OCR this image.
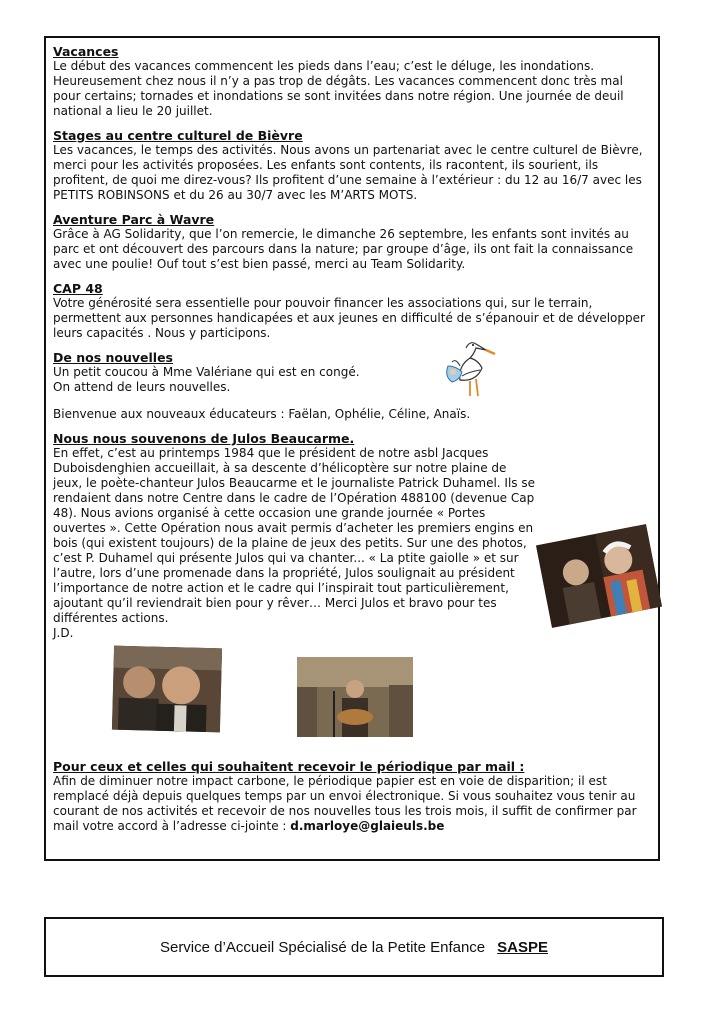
Vacances

Le début des vacances commencent les pieds dans l’eau; c’est le déluge, les inondations. Heureusement chez nous il n’y a pas trop de dégâts. Les vacances commencent donc très mal pour certains; tornades et inondations se sont invitées dans notre région. Une journée de deuil national a lieu le 20 juillet.

Stages au centre culturel de Bièvre

Les vacances, le temps des activités. Nous avons un partenariat avec le centre culturel de Bièvre, merci pour les activités proposées. Les enfants sont contents, ils racontent, ils sourient, ils profitent, de quoi me direz-vous? Ils profitent d’une semaine à l’extérieur : du 12 au 16/7 avec les PETITS ROBINSONS et du 26 au 30/7 avec les M’ARTS MOTS.

Aventure Parc à Wavre

Grâce à AG Solidarity, que l’on remercie, le dimanche 26 septembre, les enfants sont invités au parc et ont découvert des parcours dans la nature; par groupe d’âge, ils ont fait la connaissance avec une poulie! Ouf tout s’est bien passé, merci au Team Solidarity.

CAP 48

Votre générosité sera essentielle pour pouvoir financer les associations qui, sur le terrain, permettent aux personnes handicapées et aux jeunes en difficulté de s’épanouir et de développer leurs capacités . Nous y participons.

De nos nouvelles

Un petit coucou à Mme Valériane qui est en congé.

On attend de leurs nouvelles.

Bienvenue aux nouveaux éducateurs : Faëlan, Ophélie, Céline, Anaïs.

Nous nous souvenons de Julos Beaucarme.

En effet, c’est au printemps 1984 que le président de notre asbl Jacques Duboisdenghien accueillait, à sa descente d’hélicoptère sur notre plaine de jeux, le poète-chanteur Julos Beaucarme et le journaliste Patrick Duhamel. Ils se rendaient dans notre Centre dans le cadre de l’Opération 488100 (devenue Cap 48). Nous avions organisé à cette occasion une grande journée « Portes ouvertes ». Cette Opération nous avait permis d’acheter les premiers engins en bois (qui existent toujours) de la plaine de jeux des petits. Sur une des photos, c’est P. Duhamel qui présente Julos qui va chanter... « La ptite gaiolle » et sur l’autre, lors d’une promenade dans la propriété, Julos soulignait au président l’importance de notre action et le cadre qui l’inspirait tout particulièrement, ajoutant qu’il reviendrait bien pour y rêver… Merci Julos et bravo pour tes différentes actions.

J.D.

Pour ceux et celles qui souhaitent recevoir le périodique par mail :

Afin de diminuer notre impact carbone, le périodique papier est en voie de disparition; il est remplacé déjà depuis quelques temps par un envoi électronique. Si vous souhaitez vous tenir au courant de nos activités et recevoir de nos nouvelles tous les trois mois, il suffit de confirmer par mail votre accord à l’adresse ci-jointe : d.marloye@glaieuls.be

Service d’Accueil Spécialisé de la Petite Enfance SASPE
